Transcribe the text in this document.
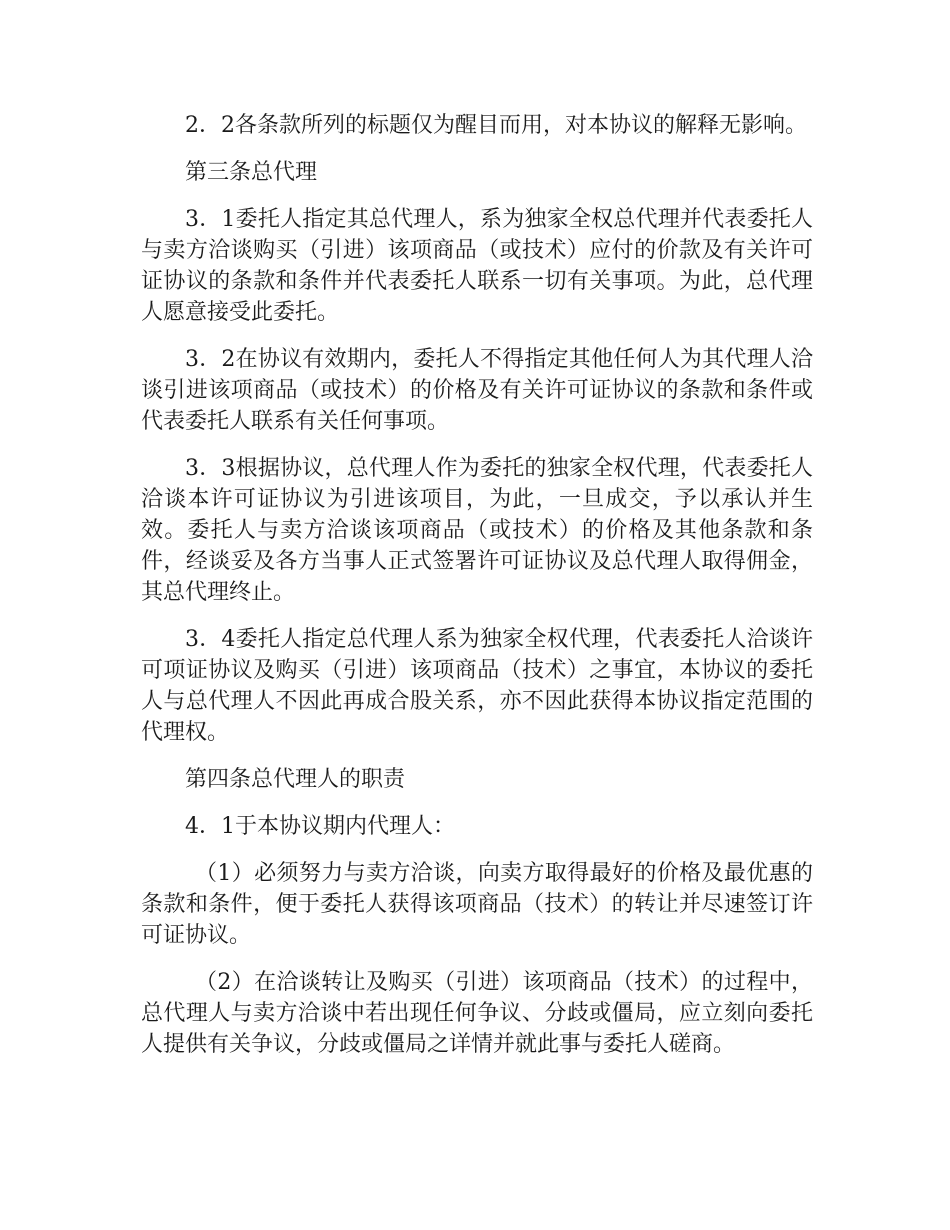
2．2各条款所列的标题仅为醒目而用，对本协议的解释无影响。

第三条总代理

3．1委托人指定其总代理人，系为独家全权总代理并代表委托人与卖方洽谈购买（引进）该项商品（或技术）应付的价款及有关许可证协议的条款和条件并代表委托人联系一切有关事项。为此，总代理人愿意接受此委托。

3．2在协议有效期内，委托人不得指定其他任何人为其代理人洽谈引进该项商品（或技术）的价格及有关许可证协议的条款和条件或代表委托人联系有关任何事项。

3．3根据协议，总代理人作为委托的独家全权代理，代表委托人洽谈本许可证协议为引进该项目，为此，一旦成交，予以承认并生效。委托人与卖方洽谈该项商品（或技术）的价格及其他条款和条件，经谈妥及各方当事人正式签署许可证协议及总代理人取得佣金，其总代理终止。

3．4委托人指定总代理人系为独家全权代理，代表委托人洽谈许可项证协议及购买（引进）该项商品（技术）之事宜，本协议的委托人与总代理人不因此再成合股关系，亦不因此获得本协议指定范围的代理权。

第四条总代理人的职责

4．1于本协议期内代理人：

（1）必须努力与卖方洽谈，向卖方取得最好的价格及最优惠的条款和条件，便于委托人获得该项商品（技术）的转让并尽速签订许可证协议。

（2）在洽谈转让及购买（引进）该项商品（技术）的过程中，总代理人与卖方洽谈中若出现任何争议、分歧或僵局，应立刻向委托人提供有关争议，分歧或僵局之详情并就此事与委托人磋商。
